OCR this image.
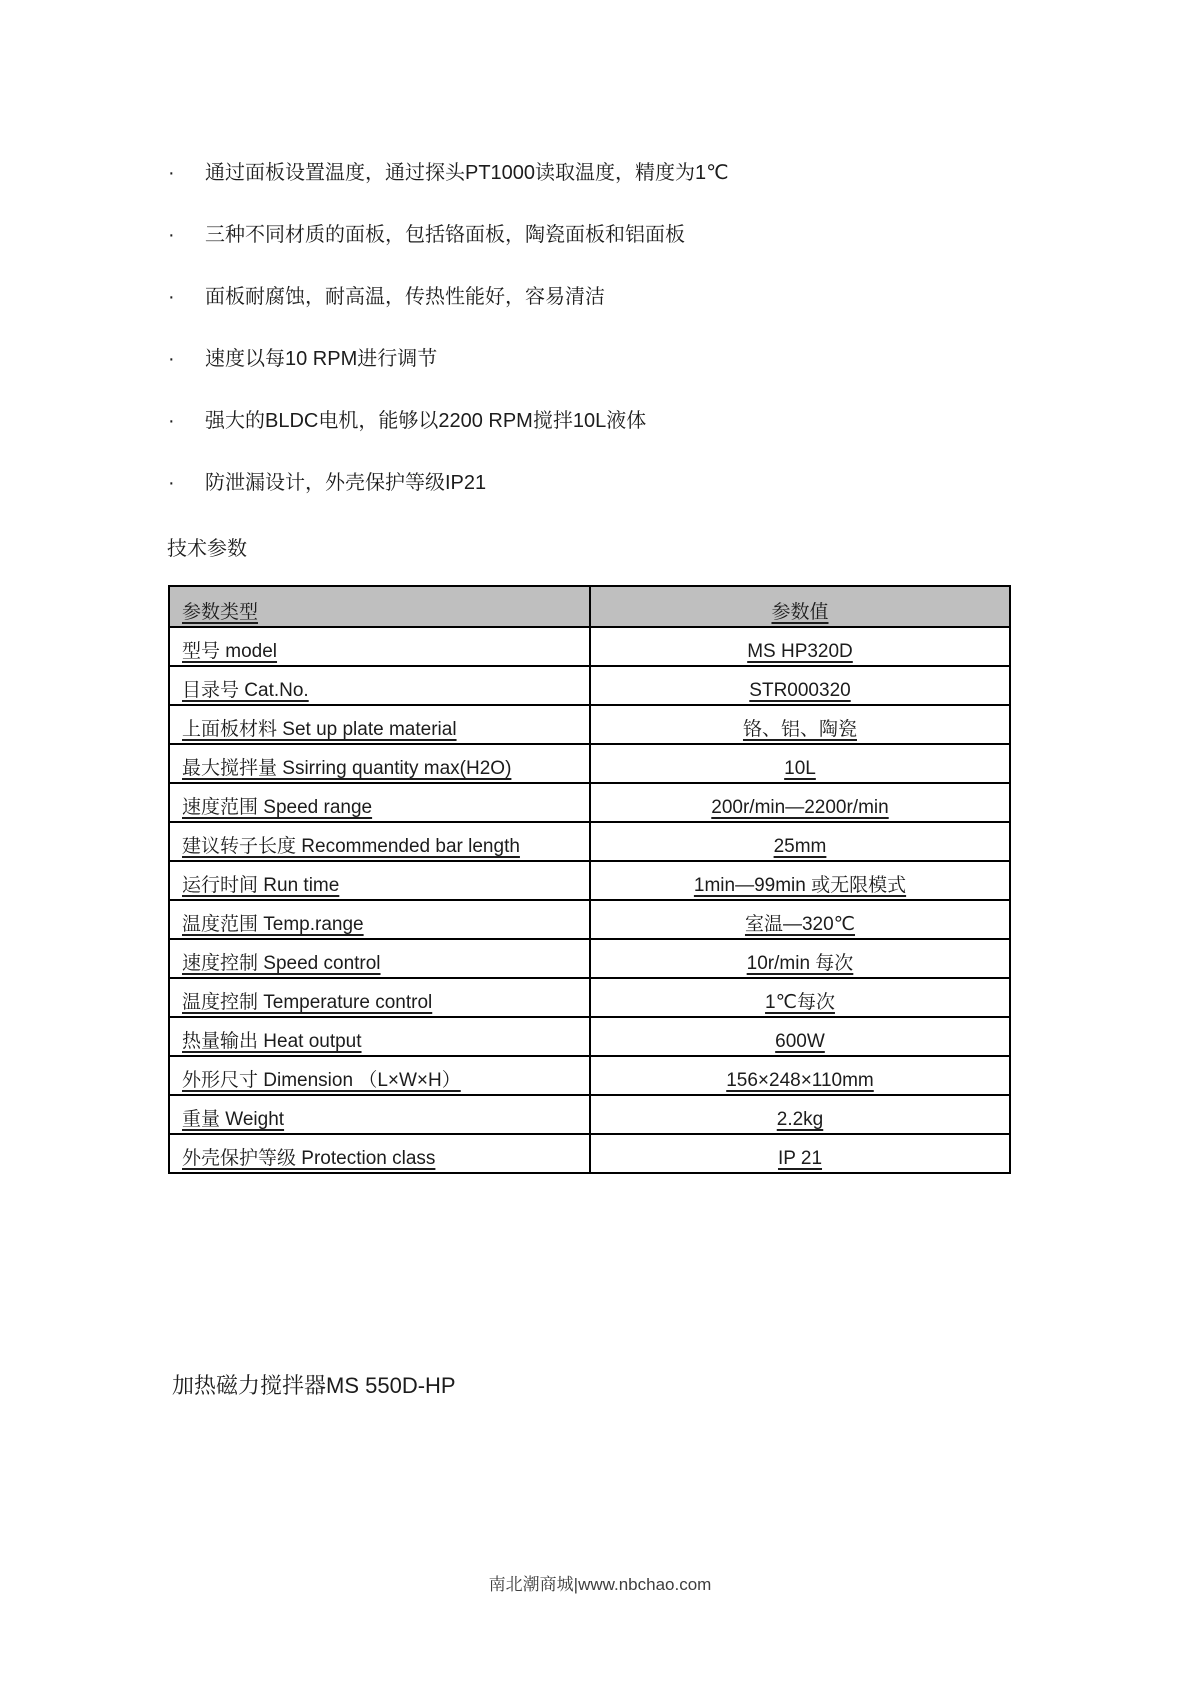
·	通过面板设置温度，通过探头PT1000读取温度，精度为1℃
·	三种不同材质的面板，包括铬面板，陶瓷面板和铝面板
·	面板耐腐蚀，耐高温，传热性能好，容易清洁
·	速度以每10 RPM进行调节
·	强大的BLDC电机，能够以2200 RPM搅拌10L液体
·	防泄漏设计，外壳保护等级IP21
技术参数
参数类型	参数值
型号 model	MS HP320D
目录号 Cat.No.	STR000320
上面板材料 Set up plate material	铬、铝、陶瓷
最大搅拌量 Ssirring quantity max(H2O)	10L
速度范围 Speed range	200r/min—2200r/min
建议转子长度 Recommended bar length	25mm
运行时间 Run time	1min—99min 或无限模式
温度范围 Temp.range	室温—320℃
速度控制 Speed control	10r/min 每次
温度控制 Temperature control	1℃每次
热量输出 Heat output	600W
外形尺寸 Dimension （L×W×H）	156×248×110mm
重量 Weight	2.2kg
外壳保护等级 Protection class	IP 21
加热磁力搅拌器MS 550D-HP
南北潮商城|www.nbchao.com
